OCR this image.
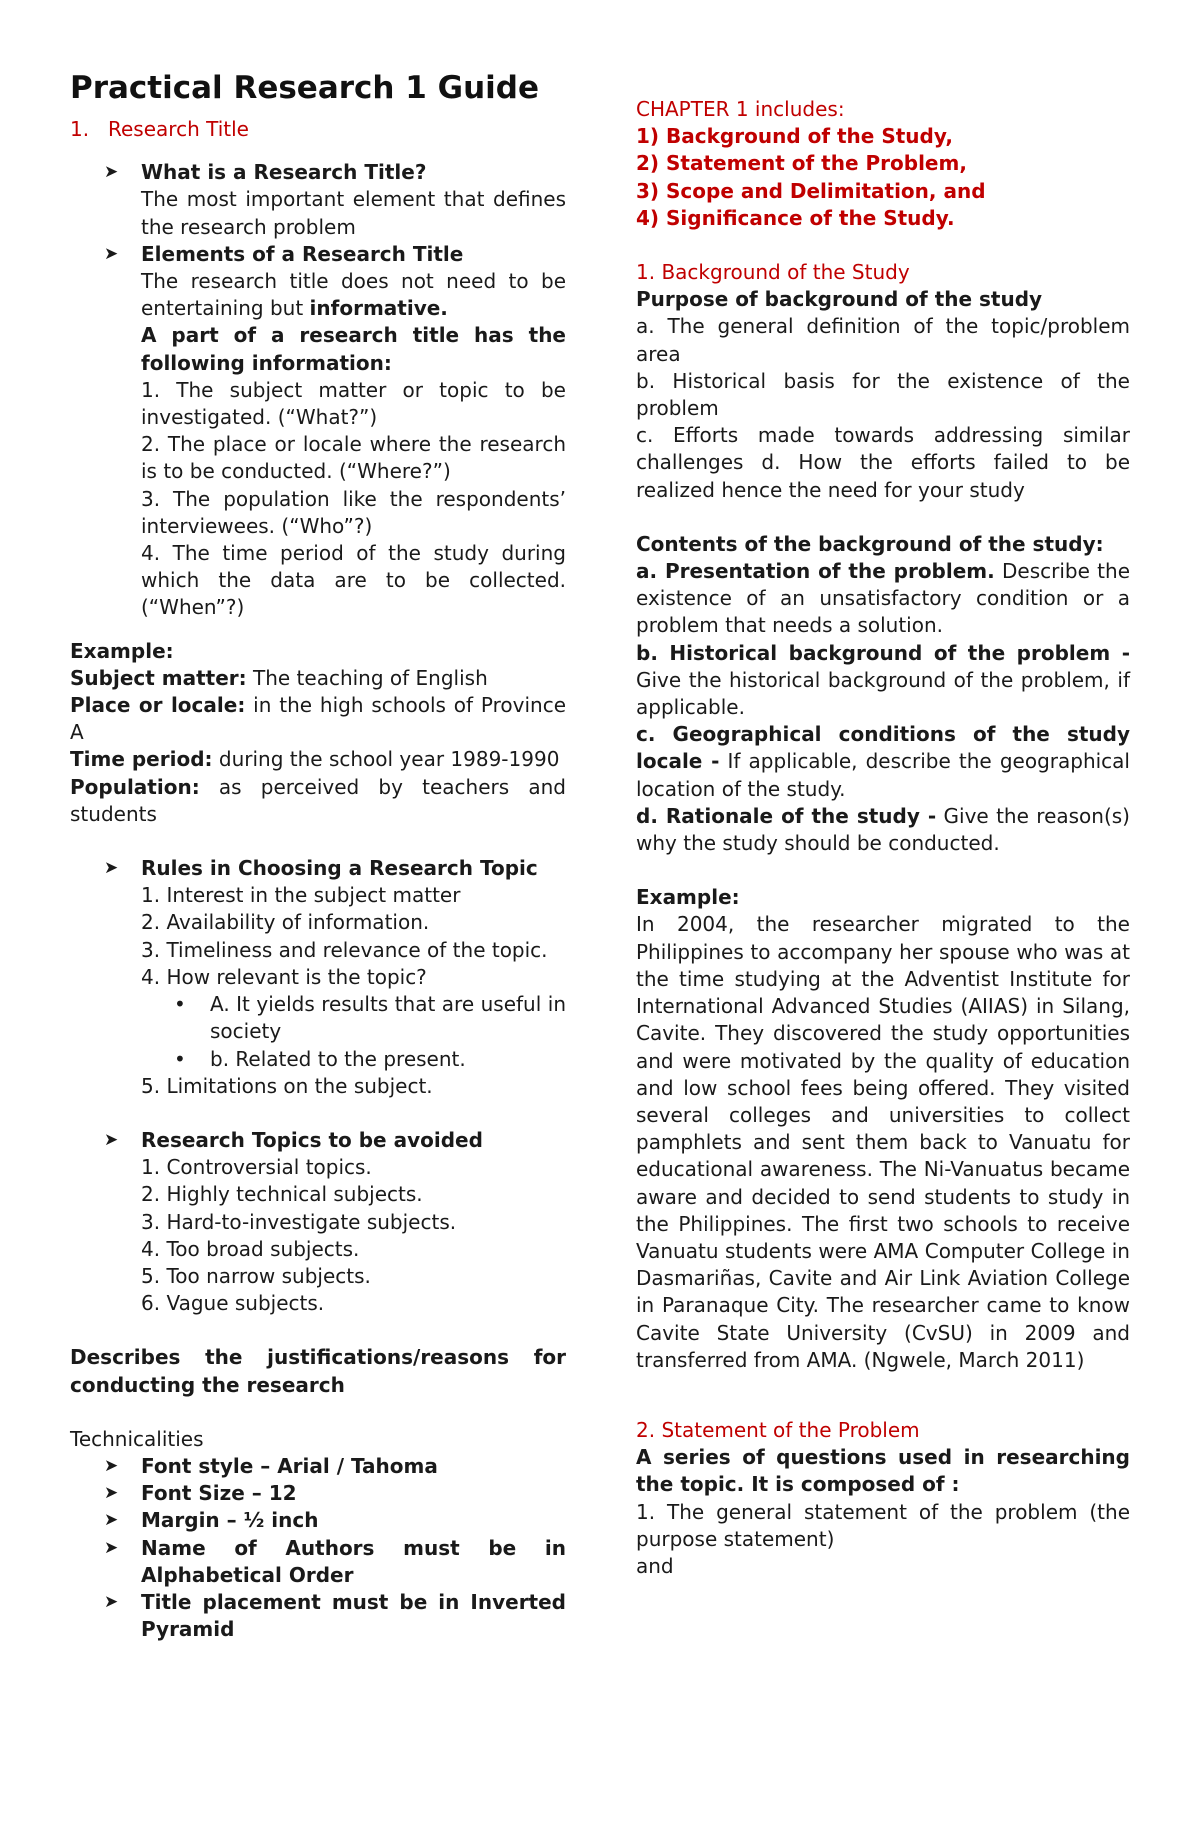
Practical Research 1 Guide
1. Research Title
➤ What is a Research Title?
The most important element that defines the research problem
➤ Elements of a Research Title
The research title does not need to be entertaining but informative.
A part of a research title has the following information:
1. The subject matter or topic to be investigated. (“What?”)
2. The place or locale where the research is to be conducted. (“Where?”)
3. The population like the respondents’ interviewees. (“Who”?)
4. The time period of the study during which the data are to be collected. (“When”?)
Example:
Subject matter: The teaching of English
Place or locale: in the high schools of Province A
Time period: during the school year 1989-1990
Population: as perceived by teachers and students
➤ Rules in Choosing a Research Topic
1. Interest in the subject matter
2. Availability of information.
3. Timeliness and relevance of the topic.
4. How relevant is the topic?
• A. It yields results that are useful in society
• b. Related to the present.
5. Limitations on the subject.
➤ Research Topics to be avoided
1. Controversial topics.
2. Highly technical subjects.
3. Hard-to-investigate subjects.
4. Too broad subjects.
5. Too narrow subjects.
6. Vague subjects.
Describes the justifications/reasons for conducting the research
Technicalities
➤ Font style – Arial / Tahoma
➤ Font Size – 12
➤ Margin – ½ inch
➤ Name of Authors must be in Alphabetical Order
➤ Title placement must be in Inverted Pyramid
CHAPTER 1 includes:
1) Background of the Study,
2) Statement of the Problem,
3) Scope and Delimitation, and
4) Significance of the Study.
1. Background of the Study
Purpose of background of the study
a. The general definition of the topic/problem area
b. Historical basis for the existence of the problem
c. Efforts made towards addressing similar challenges d. How the efforts failed to be realized hence the need for your study
Contents of the background of the study:
a. Presentation of the problem. Describe the existence of an unsatisfactory condition or a problem that needs a solution.
b. Historical background of the problem - Give the historical background of the problem, if applicable.
c. Geographical conditions of the study locale - If applicable, describe the geographical location of the study.
d. Rationale of the study - Give the reason(s) why the study should be conducted.
Example:
In 2004, the researcher migrated to the Philippines to accompany her spouse who was at the time studying at the Adventist Institute for International Advanced Studies (AIIAS) in Silang, Cavite. They discovered the study opportunities and were motivated by the quality of education and low school fees being offered. They visited several colleges and universities to collect pamphlets and sent them back to Vanuatu for educational awareness. The Ni-Vanuatus became aware and decided to send students to study in the Philippines. The first two schools to receive Vanuatu students were AMA Computer College in Dasmariñas, Cavite and Air Link Aviation College in Paranaque City. The researcher came to know Cavite State University (CvSU) in 2009 and transferred from AMA. (Ngwele, March 2011)
2. Statement of the Problem
A series of questions used in researching the topic. It is composed of :
1. The general statement of the problem (the purpose statement)
and
